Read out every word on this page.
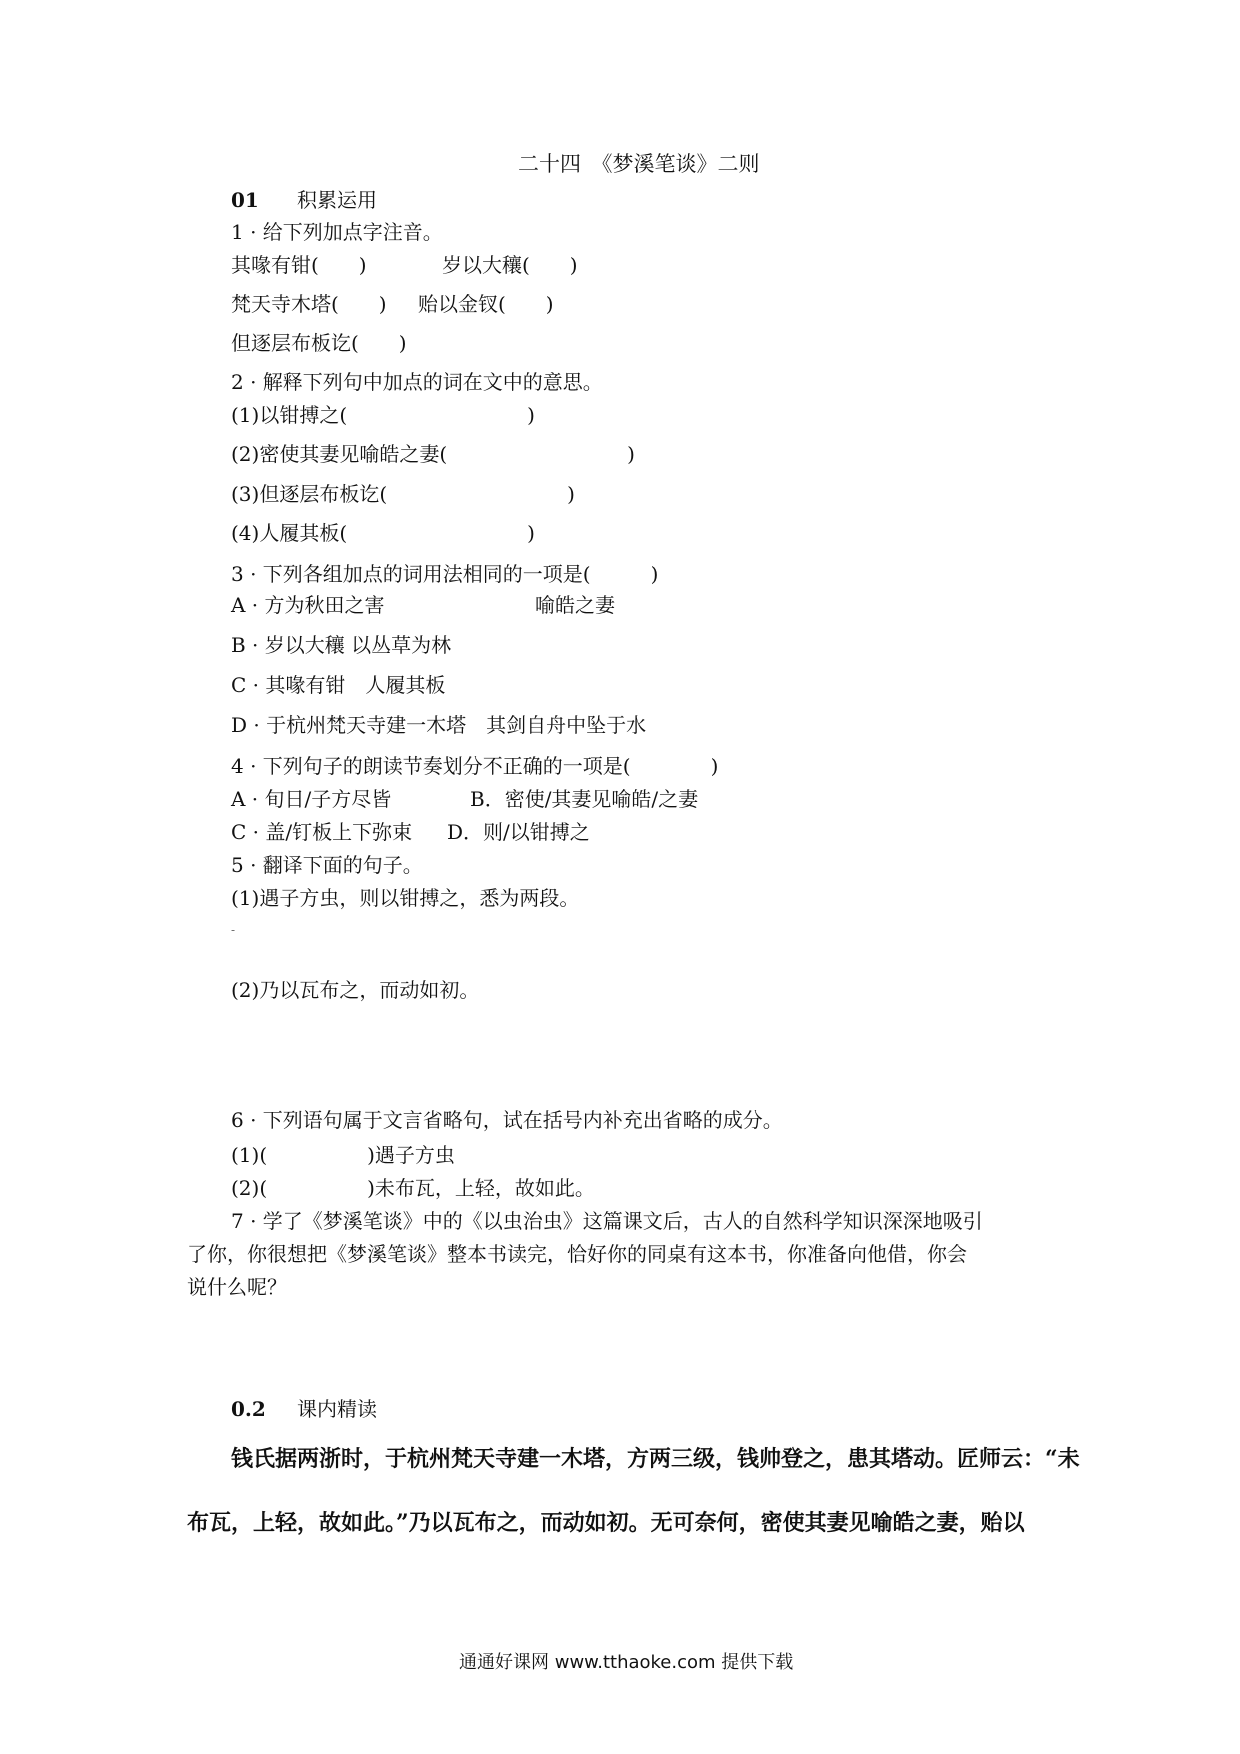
二十四　《梦溪笔谈》二则
01 积累运用
1 · 给下列加点字注音。
其喙有钳(　　)	岁以大穰(　　)
梵天寺木塔(　　) 贻以金钗(　　)
但逐层布板讫(　　)
2 · 解释下列句中加点的词在文中的意思。
(1)以钳搏之(　　　　　　　　　)
(2)密使其妻见喻皓之妻(　　　　　　　　　)
(3)但逐层布板讫(　　　　　　　　　)
(4)人履其板(　　　　　　　　　)
3 · 下列各组加点的词用法相同的一项是(　　　)
A · 方为秋田之害	喻皓之妻
B · 岁以大穰 以丛草为林
C · 其喙有钳　人履其板
D · 于杭州梵天寺建一木塔　其剑自舟中坠于水
4 · 下列句子的朗读节奏划分不正确的一项是(　　　　)
A · 旬日/子方尽皆	B．密使/其妻见喻皓/之妻
C · 盖/钉板上下弥束 D．则/以钳搏之
5 · 翻译下面的句子。
(1)遇子方虫，则以钳搏之，悉为两段。
-
(2)乃以瓦布之，而动如初。
6 · 下列语句属于文言省略句，试在括号内补充出省略的成分。
(1)(　　　　　)遇子方虫
(2)(　　　　　)未布瓦，上轻，故如此。
7 · 学了《梦溪笔谈》中的《以虫治虫》这篇课文后，古人的自然科学知识深深地吸引
了你，你很想把《梦溪笔谈》整本书读完，恰好你的同桌有这本书，你准备向他借，你会
说什么呢？
0.2 课内精读
钱氏据两浙时，于杭州梵天寺建一木塔，方两三级，钱帅登之，患其塔动。匠师云：“未
布瓦，上轻，故如此。”乃以瓦布之，而动如初。无可奈何，密使其妻见喻皓之妻，贻以
通通好课网 www.tthaoke.com 提供下载
